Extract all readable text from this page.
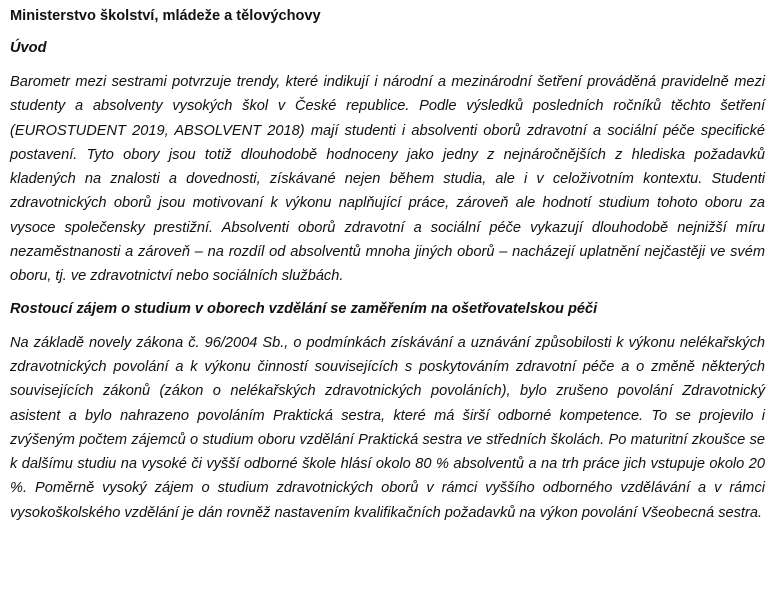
Ministerstvo školství, mládeže a tělovýchovy
Úvod

Barometr mezi sestrami potvrzuje trendy, které indikují i národní a mezinárodní šetření prováděná pravidelně mezi studenty a absolventy vysokých škol v České republice. Podle výsledků posledních ročníků těchto šetření (EUROSTUDENT 2019, ABSOLVENT 2018) mají studenti i absolventi oborů zdravotní a sociální péče specifické postavení. Tyto obory jsou totiž dlouhodobě hodnoceny jako jedny z nejnáročnějších z hlediska požadavků kladených na znalosti a dovednosti, získávané nejen během studia, ale i v celoživotním kontextu. Studenti zdravotnických oborů jsou motivovaní k výkonu naplňující práce, zároveň ale hodnotí studium tohoto oboru za vysoce společensky prestižní. Absolventi oborů zdravotní a sociální péče vykazují dlouhodobě nejnižší míru nezaměstnanosti a zároveň – na rozdíl od absolventů mnoha jiných oborů – nacházejí uplatnění nejčastěji ve svém oboru, tj. ve zdravotnictví nebo sociálních službách.

Rostoucí zájem o studium v oborech vzdělání se zaměřením na ošetřovatelskou péči

Na základě novely zákona č. 96/2004 Sb., o podmínkách získávání a uznávání způsobilosti k výkonu nelékařských zdravotnických povolání a k výkonu činností souvisejících s poskytováním zdravotní péče a o změně některých souvisejících zákonů (zákon o nelékařských zdravotnických povoláních), bylo zrušeno povolání Zdravotnický asistent a bylo nahrazeno povoláním Praktická sestra, které má širší odborné kompetence. To se projevilo i zvýšeným počtem zájemců o studium oboru vzdělání Praktická sestra ve středních školách. Po maturitní zkoušce se k dalšímu studiu na vysoké či vyšší odborné škole hlásí okolo 80 % absolventů a na trh práce jich vstupuje okolo 20 %. Poměrně vysoký zájem o studium zdravotnických oborů v rámci vyššího odborného vzdělávání a v rámci vysokoškolského vzdělání je dán rovněž nastavením kvalifikačních požadavků na výkon povolání Všeobecná sestra.
